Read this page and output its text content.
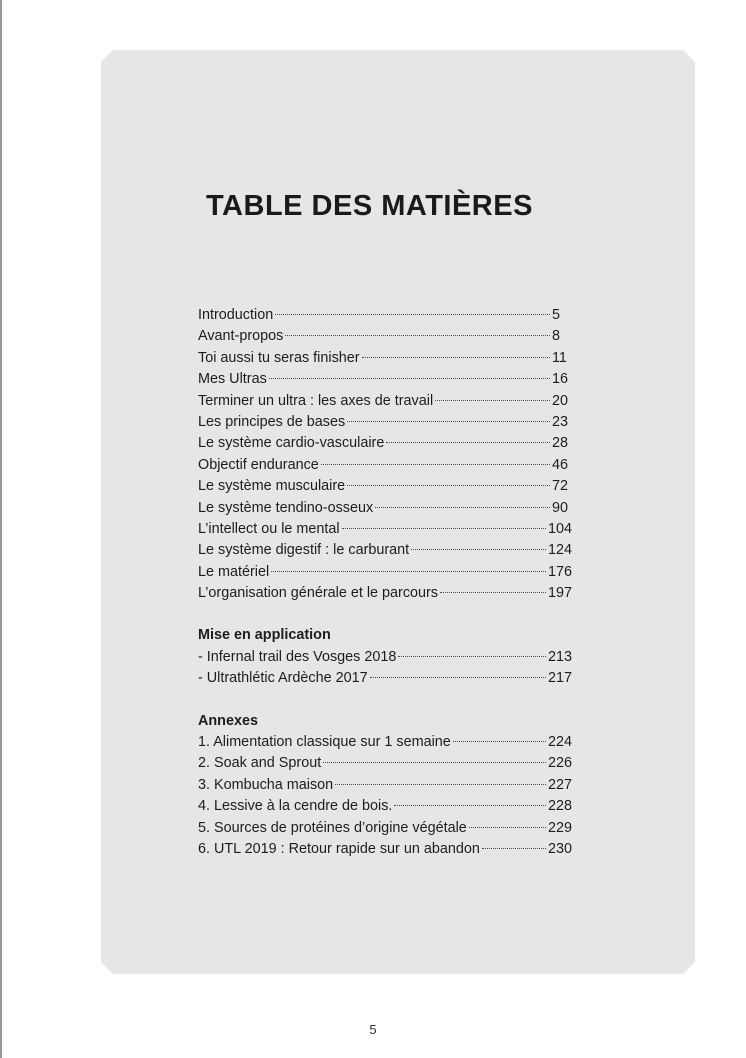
TABLE DES MATIÈRES
Introduction	5
Avant-propos	8
Toi aussi tu seras finisher	11
Mes Ultras	16
Terminer un ultra : les axes de travail	20
Les principes de bases	23
Le système cardio-vasculaire	28
Objectif endurance	46
Le système musculaire	72
Le système tendino-osseux	90
L’intellect ou le mental	104
Le système digestif : le carburant	124
Le matériel	176
L’organisation générale et le parcours	197
Mise en application
- Infernal trail des Vosges 2018	213
- Ultrathlétic Ardèche 2017	217
Annexes
1. Alimentation classique sur 1 semaine	224
2. Soak and Sprout	226
3. Kombucha maison	227
4. Lessive à la cendre de bois.	228
5. Sources de protéines d’origine végétale	229
6. UTL 2019 : Retour rapide sur un abandon	230
5
